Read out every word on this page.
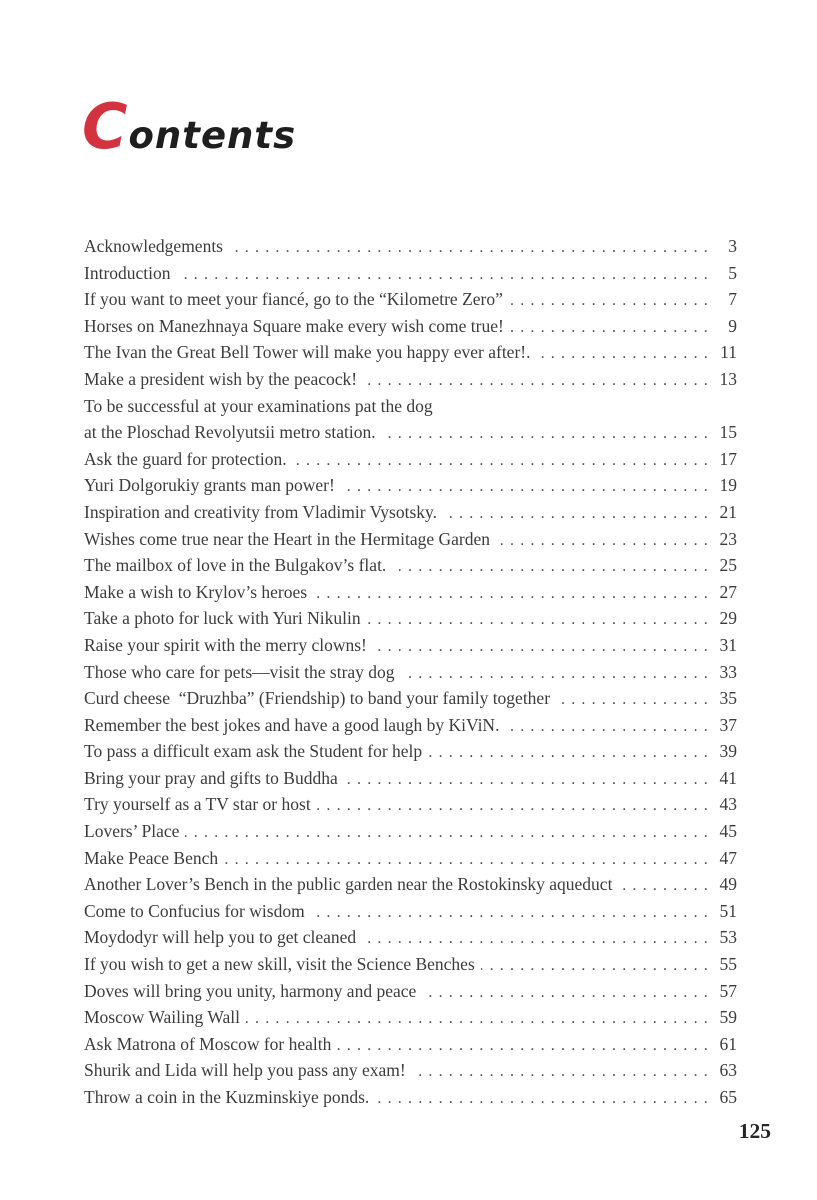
Contents
Acknowledgements .....	3
Introduction .....	5
If you want to meet your fiancé, go to the “Kilometre Zero” .....	7
Horses on Manezhnaya Square make every wish come true! .....	9
The Ivan the Great Bell Tower will make you happy ever after!. .....	11
Make a president wish by the peacock! .....	13
To be successful at your examinations pat the dog
at the Ploschad Revolyutsii metro station. .....	15
Ask the guard for protection. .....	17
Yuri Dolgorukiy grants man power! .....	19
Inspiration and creativity from Vladimir Vysotsky. .....	21
Wishes come true near the Heart in the Hermitage Garden .....	23
The mailbox of love in the Bulgakov’s flat. .....	25
Make a wish to Krylov’s heroes .....	27
Take a photo for luck with Yuri Nikulin .....	29
Raise your spirit with the merry clowns! .....	31
Those who care for pets—visit the stray dog .....	33
Curd cheese  “Druzhba” (Friendship) to band your family together .....	35
Remember the best jokes and have a good laugh by KiViN. .....	37
To pass a difficult exam ask the Student for help .....	39
Bring your pray and gifts to Buddha .....	41
Try yourself as a TV star or host .....	43
Lovers’ Place .....	45
Make Peace Bench .....	47
Another Lover’s Bench in the public garden near the Rostokinsky aqueduct .....	49
Come to Confucius for wisdom .....	51
Moydodyr will help you to get cleaned .....	53
If you wish to get a new skill, visit the Science Benches .....	55
Doves will bring you unity, harmony and peace .....	57
Moscow Wailing Wall .....	59
Ask Matrona of Moscow for health .....	61
Shurik and Lida will help you pass any exam! .....	63
Throw a coin in the Kuzminskiye ponds. .....	65
125
